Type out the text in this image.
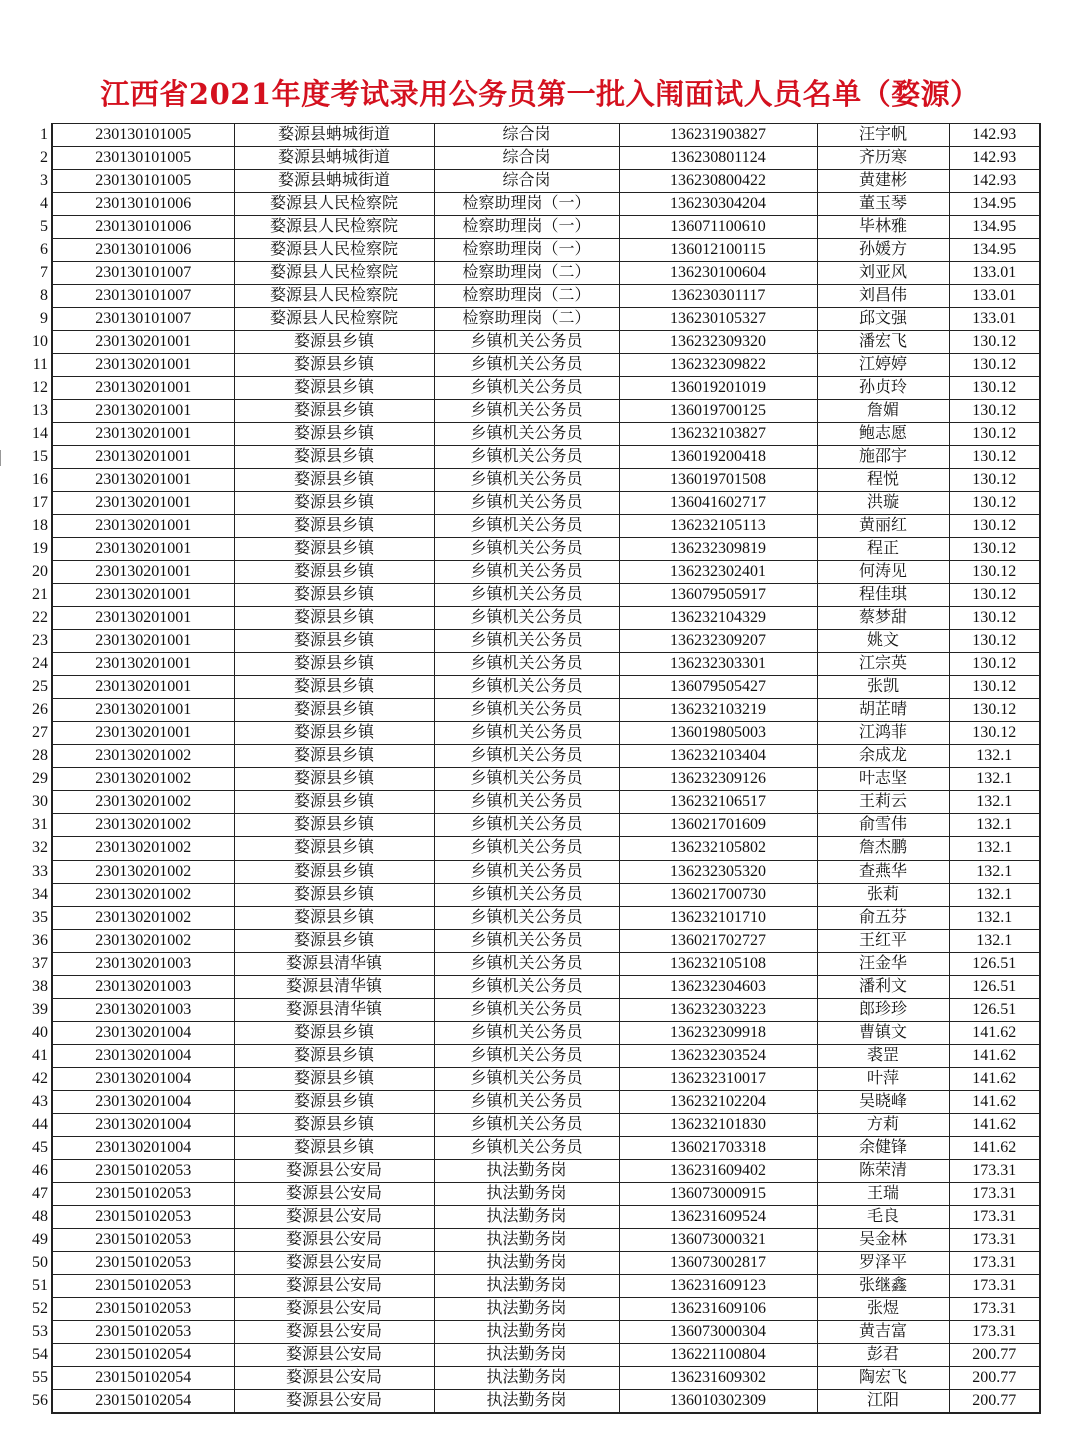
江西省2021年度考试录用公务员第一批入闱面试人员名单（婺源）
1	230130101005	婺源县蚺城街道	综合岗	136231903827	汪宇帆	142.93
2	230130101005	婺源县蚺城街道	综合岗	136230801124	齐历寒	142.93
3	230130101005	婺源县蚺城街道	综合岗	136230800422	黄建彬	142.93
4	230130101006	婺源县人民检察院	检察助理岗（一）	136230304204	董玉琴	134.95
5	230130101006	婺源县人民检察院	检察助理岗（一）	136071100610	毕林雅	134.95
6	230130101006	婺源县人民检察院	检察助理岗（一）	136012100115	孙媛方	134.95
7	230130101007	婺源县人民检察院	检察助理岗（二）	136230100604	刘亚风	133.01
8	230130101007	婺源县人民检察院	检察助理岗（二）	136230301117	刘昌伟	133.01
9	230130101007	婺源县人民检察院	检察助理岗（二）	136230105327	邱文强	133.01
10	230130201001	婺源县乡镇	乡镇机关公务员	136232309320	潘宏飞	130.12
11	230130201001	婺源县乡镇	乡镇机关公务员	136232309822	江婷婷	130.12
12	230130201001	婺源县乡镇	乡镇机关公务员	136019201019	孙贞玲	130.12
13	230130201001	婺源县乡镇	乡镇机关公务员	136019700125	詹媚	130.12
14	230130201001	婺源县乡镇	乡镇机关公务员	136232103827	鲍志愿	130.12
15	230130201001	婺源县乡镇	乡镇机关公务员	136019200418	施邵宇	130.12
16	230130201001	婺源县乡镇	乡镇机关公务员	136019701508	程悦	130.12
17	230130201001	婺源县乡镇	乡镇机关公务员	136041602717	洪璇	130.12
18	230130201001	婺源县乡镇	乡镇机关公务员	136232105113	黄丽红	130.12
19	230130201001	婺源县乡镇	乡镇机关公务员	136232309819	程正	130.12
20	230130201001	婺源县乡镇	乡镇机关公务员	136232302401	何涛见	130.12
21	230130201001	婺源县乡镇	乡镇机关公务员	136079505917	程佳琪	130.12
22	230130201001	婺源县乡镇	乡镇机关公务员	136232104329	蔡梦甜	130.12
23	230130201001	婺源县乡镇	乡镇机关公务员	136232309207	姚文	130.12
24	230130201001	婺源县乡镇	乡镇机关公务员	136232303301	江宗英	130.12
25	230130201001	婺源县乡镇	乡镇机关公务员	136079505427	张凯	130.12
26	230130201001	婺源县乡镇	乡镇机关公务员	136232103219	胡芷晴	130.12
27	230130201001	婺源县乡镇	乡镇机关公务员	136019805003	江鸿菲	130.12
28	230130201002	婺源县乡镇	乡镇机关公务员	136232103404	余成龙	132.1
29	230130201002	婺源县乡镇	乡镇机关公务员	136232309126	叶志坚	132.1
30	230130201002	婺源县乡镇	乡镇机关公务员	136232106517	王莉云	132.1
31	230130201002	婺源县乡镇	乡镇机关公务员	136021701609	俞雪伟	132.1
32	230130201002	婺源县乡镇	乡镇机关公务员	136232105802	詹杰鹏	132.1
33	230130201002	婺源县乡镇	乡镇机关公务员	136232305320	查燕华	132.1
34	230130201002	婺源县乡镇	乡镇机关公务员	136021700730	张莉	132.1
35	230130201002	婺源县乡镇	乡镇机关公务员	136232101710	俞五芬	132.1
36	230130201002	婺源县乡镇	乡镇机关公务员	136021702727	王红平	132.1
37	230130201003	婺源县清华镇	乡镇机关公务员	136232105108	汪金华	126.51
38	230130201003	婺源县清华镇	乡镇机关公务员	136232304603	潘利文	126.51
39	230130201003	婺源县清华镇	乡镇机关公务员	136232303223	郎珍珍	126.51
40	230130201004	婺源县乡镇	乡镇机关公务员	136232309918	曹镇文	141.62
41	230130201004	婺源县乡镇	乡镇机关公务员	136232303524	裘罡	141.62
42	230130201004	婺源县乡镇	乡镇机关公务员	136232310017	叶萍	141.62
43	230130201004	婺源县乡镇	乡镇机关公务员	136232102204	吴晓峰	141.62
44	230130201004	婺源县乡镇	乡镇机关公务员	136232101830	方莉	141.62
45	230130201004	婺源县乡镇	乡镇机关公务员	136021703318	余健锋	141.62
46	230150102053	婺源县公安局	执法勤务岗	136231609402	陈荣清	173.31
47	230150102053	婺源县公安局	执法勤务岗	136073000915	王瑞	173.31
48	230150102053	婺源县公安局	执法勤务岗	136231609524	毛良	173.31
49	230150102053	婺源县公安局	执法勤务岗	136073000321	吴金林	173.31
50	230150102053	婺源县公安局	执法勤务岗	136073002817	罗泽平	173.31
51	230150102053	婺源县公安局	执法勤务岗	136231609123	张继鑫	173.31
52	230150102053	婺源县公安局	执法勤务岗	136231609106	张煜	173.31
53	230150102053	婺源县公安局	执法勤务岗	136073000304	黄吉富	173.31
54	230150102054	婺源县公安局	执法勤务岗	136221100804	彭君	200.77
55	230150102054	婺源县公安局	执法勤务岗	136231609302	陶宏飞	200.77
56	230150102054	婺源县公安局	执法勤务岗	136010302309	江阳	200.77
